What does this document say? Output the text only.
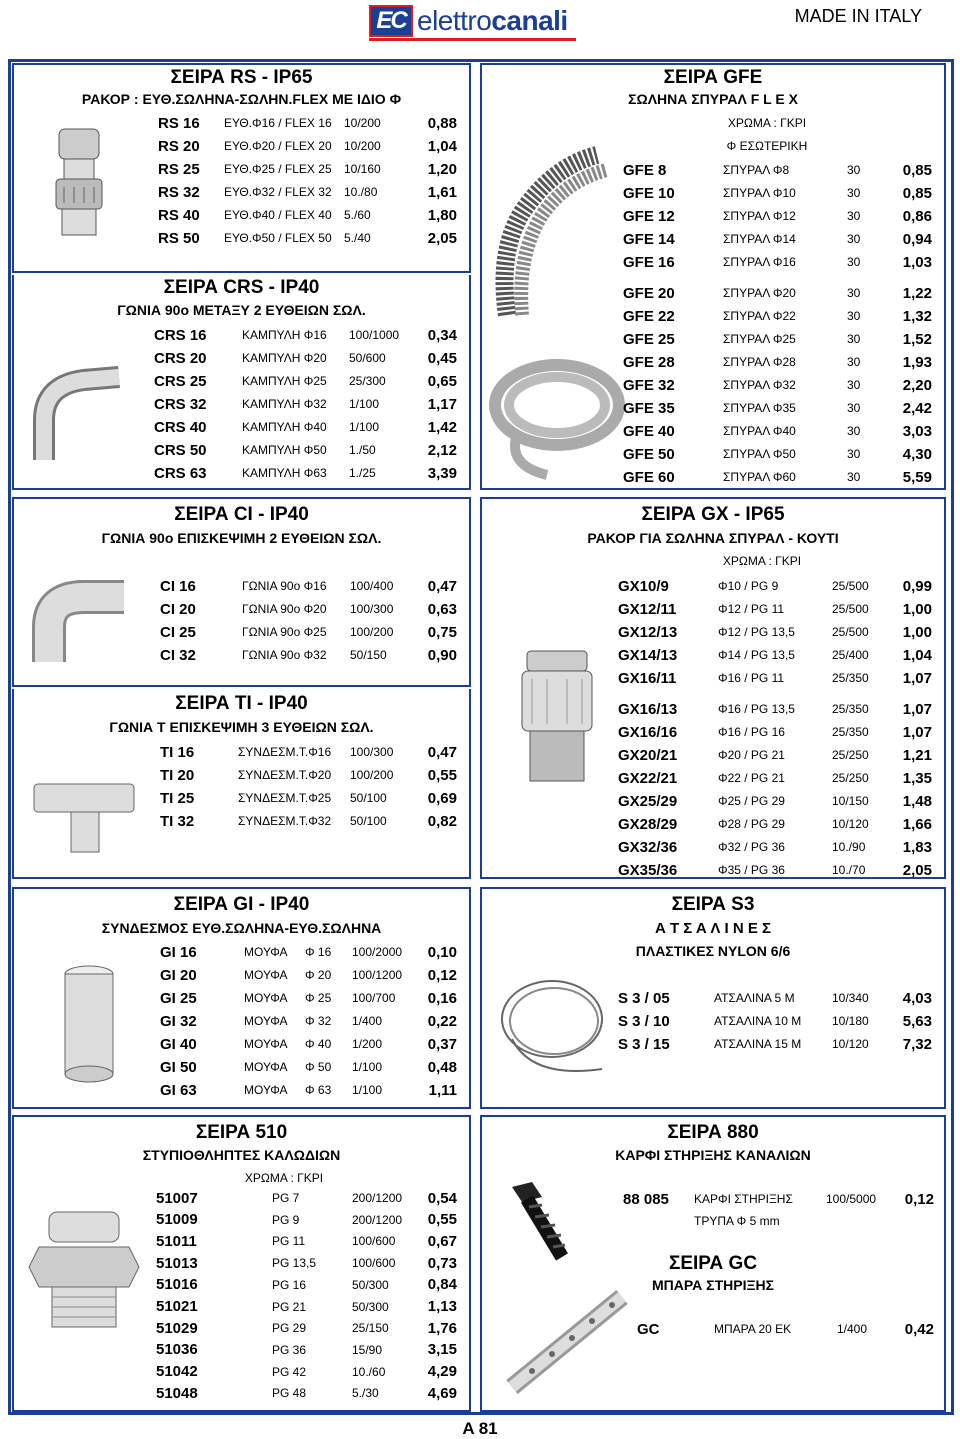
EC elettrocanali	MADE IN ITALY
ΣΕΙΡΑ RS - IP65
ΡΑΚΟΡ : ΕΥΘ.ΣΩΛΗΝΑ-ΣΩΛΗΝ.FLEX ΜΕ ΙΔΙΟ Φ
RS 16 ΕΥΘ.Φ16 / FLEX 16 10/200	0,88
RS 20 ΕΥΘ.Φ20 / FLEX 20 10/200	1,04
RS 25 ΕΥΘ.Φ25 / FLEX 25 10/160	1,20
RS 32 ΕΥΘ.Φ32 / FLEX 32 10./80	1,61
RS 40 ΕΥΘ.Φ40 / FLEX 40 5./60	1,80
RS 50 ΕΥΘ.Φ50 / FLEX 50 5./40	2,05
ΣΕΙΡΑ CRS - IP40
ΓΩΝΙΑ 90ο ΜΕΤΑΞΥ 2 ΕΥΘΕΙΩΝ ΣΩΛ.
CRS 16	ΚΑΜΠΥΛΗ Φ16 100/1000	0,34
CRS 20	ΚΑΜΠΥΛΗ Φ20 50/600	0,45
CRS 25	ΚΑΜΠΥΛΗ Φ25 25/300	0,65
CRS 32	ΚΑΜΠΥΛΗ Φ32 1/100	1,17
CRS 40	ΚΑΜΠΥΛΗ Φ40 1/100	1,42
CRS 50	ΚΑΜΠΥΛΗ Φ50 1./50	2,12
CRS 63	ΚΑΜΠΥΛΗ Φ63 1./25	3,39
ΣΕΙΡΑ GFE
ΣΩΛΗΝΑ ΣΠΥΡΑΛ F L E X
ΧΡΩΜΑ : ΓΚΡΙ
Φ ΕΣΩΤΕΡΙΚΗ
GFE 8	ΣΠΥΡΑΛ Φ8	30	0,85
GFE 10	ΣΠΥΡΑΛ Φ10	30	0,85
GFE 12	ΣΠΥΡΑΛ Φ12	30	0,86
GFE 14	ΣΠΥΡΑΛ Φ14	30	0,94
GFE 16	ΣΠΥΡΑΛ Φ16	30	1,03
GFE 20	ΣΠΥΡΑΛ Φ20	30	1,22
GFE 22	ΣΠΥΡΑΛ Φ22	30	1,32
GFE 25	ΣΠΥΡΑΛ Φ25	30	1,52
GFE 28	ΣΠΥΡΑΛ Φ28	30	1,93
GFE 32	ΣΠΥΡΑΛ Φ32	30	2,20
GFE 35	ΣΠΥΡΑΛ Φ35	30	2,42
GFE 40	ΣΠΥΡΑΛ Φ40	30	3,03
GFE 50	ΣΠΥΡΑΛ Φ50	30	4,30
GFE 60	ΣΠΥΡΑΛ Φ60	30	5,59
ΣΕΙΡΑ CI - IP40
ΓΩΝΙΑ 90ο ΕΠΙΣΚΕΨΙΜΗ 2 ΕΥΘΕΙΩΝ ΣΩΛ.
CI 16	ΓΩΝΙΑ 90ο Φ16 100/400	0,47
CI 20	ΓΩΝΙΑ 90ο Φ20 100/300	0,63
CI 25	ΓΩΝΙΑ 90ο Φ25 100/200	0,75
CI 32	ΓΩΝΙΑ 90ο Φ32 50/150	0,90
ΣΕΙΡΑ TI - IP40
ΓΩΝΙΑ Τ ΕΠΙΣΚΕΨΙΜΗ 3 ΕΥΘΕΙΩΝ ΣΩΛ.
TI 16	ΣΥΝΔΕΣΜ.Τ.Φ16 100/300	0,47
TI 20	ΣΥΝΔΕΣΜ.Τ.Φ20 100/200	0,55
TI 25	ΣΥΝΔΕΣΜ.Τ.Φ25 50/100	0,69
TI 32	ΣΥΝΔΕΣΜ.Τ.Φ32 50/100	0,82
ΣΕΙΡΑ GX - IP65
ΡΑΚΟΡ ΓΙΑ ΣΩΛΗΝΑ ΣΠΥΡΑΛ - ΚΟΥΤΙ
ΧΡΩΜΑ : ΓΚΡΙ
GX10/9	Φ10 / PG 9	25/500	0,99
GX12/11	Φ12 / PG 11	25/500	1,00
GX12/13	Φ12 / PG 13,5	25/500	1,00
GX14/13	Φ14 / PG 13,5	25/400	1,04
GX16/11	Φ16 / PG 11	25/350	1,07
GX16/13	Φ16 / PG 13,5	25/350	1,07
GX16/16	Φ16 / PG 16	25/350	1,07
GX20/21	Φ20 / PG 21	25/250	1,21
GX22/21	Φ22 / PG 21	25/250	1,35
GX25/29	Φ25 / PG 29	10/150	1,48
GX28/29	Φ28 / PG 29	10/120	1,66
GX32/36	Φ32 / PG 36	10./90	1,83
GX35/36	Φ35 / PG 36	10./70	2,05
ΣΕΙΡΑ GI - IP40
ΣΥΝΔΕΣΜΟΣ ΕΥΘ.ΣΩΛΗΝΑ-ΕΥΘ.ΣΩΛΗΝΑ
GI 16	ΜΟΥΦΑ Φ 16 100/2000	0,10
GI 20	ΜΟΥΦΑ Φ 20 100/1200	0,12
GI 25	ΜΟΥΦΑ Φ 25 100/700	0,16
GI 32	ΜΟΥΦΑ Φ 32 1/400	0,22
GI 40	ΜΟΥΦΑ Φ 40 1/200	0,37
GI 50	ΜΟΥΦΑ Φ 50 1/100	0,48
GI 63	ΜΟΥΦΑ Φ 63 1/100	1,11
ΣΕΙΡΑ S3
Α Τ Σ Α Λ Ι Ν Ε Σ
ΠΛΑΣΤΙΚΕΣ NYLON 6/6
S 3 / 05	ΑΤΣΑΛΙΝΑ 5 Μ	10/340	4,03
S 3 / 10	ΑΤΣΑΛΙΝΑ 10 Μ	10/180	5,63
S 3 / 15	ΑΤΣΑΛΙΝΑ 15 Μ	10/120	7,32
ΣΕΙΡΑ 510
ΣΤΥΠΙΟΘΛΗΠΤΕΣ ΚΑΛΩΔΙΩΝ
ΧΡΩΜΑ : ΓΚΡΙ
51007	PG 7	200/1200	0,54
51009	PG 9	200/1200	0,55
51011	PG 11	100/600	0,67
51013	PG 13,5	100/600	0,73
51016	PG 16	50/300	0,84
51021	PG 21	50/300	1,13
51029	PG 29	25/150	1,76
51036	PG 36	15/90	3,15
51042	PG 42	10./60	4,29
51048	PG 48	5./30	4,69
ΣΕΙΡΑ 880
ΚΑΡΦΙ ΣΤΗΡΙΞΗΣ ΚΑΝΑΛΙΩΝ
88 085 ΚΑΡΦΙ ΣΤΗΡΙΞΗΣ	100/5000	0,12
ΤΡΥΠΑ Φ 5 mm
ΣΕΙΡΑ GC
ΜΠΑΡΑ ΣΤΗΡΙΞΗΣ
GC	ΜΠΑΡΑ 20 ΕΚ	1/400	0,42
A 81
